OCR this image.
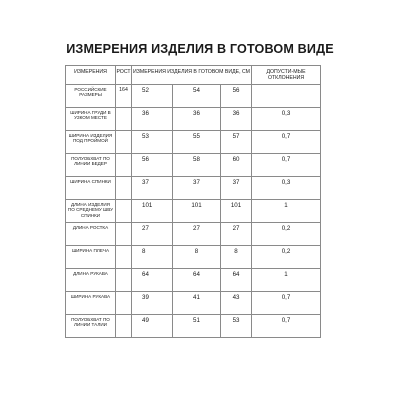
ИЗМЕРЕНИЯ ИЗДЕЛИЯ В ГОТОВОМ ВИДЕ
ИЗМЕРЕНИЯ	РОСТ	ИЗМЕРЕНИЯ ИЗДЕЛИЯ В ГОТОВОМ ВИДЕ, СМ			ДОПУСТИ-МЫЕ ОТКЛОНЕНИЯ
РОССИЙСКИЕ РАЗМЕРЫ	164	52	54	56	
ШИРИНА ГРУДИ В УЗКОМ МЕСТЕ		36	36	36	0,3
ШИРИНА ИЗДЕЛИЯ ПОД ПРОЙМОЙ		53	55	57	0,7
ПОЛУОБХВАТ ПО ЛИНИИ БЕДЕР		56	58	60	0,7
ШИРИНА СПИНКИ		37	37	37	0,3
ДЛИНА ИЗДЕЛИЯ ПО СРЕДНЕМУ ШВУ СПИНКИ		101	101	101	1
ДЛИНА РОСТКА		27	27	27	0,2
ШИРИНА ПЛЕЧА		8	8	8	0,2
ДЛИНА РУКАВА		64	64	64	1
ШИРИНА РУКАВА		39	41	43	0,7
ПОЛУОБХВАТ ПО ЛИНИИ ТАЛИИ		49	51	53	0,7
